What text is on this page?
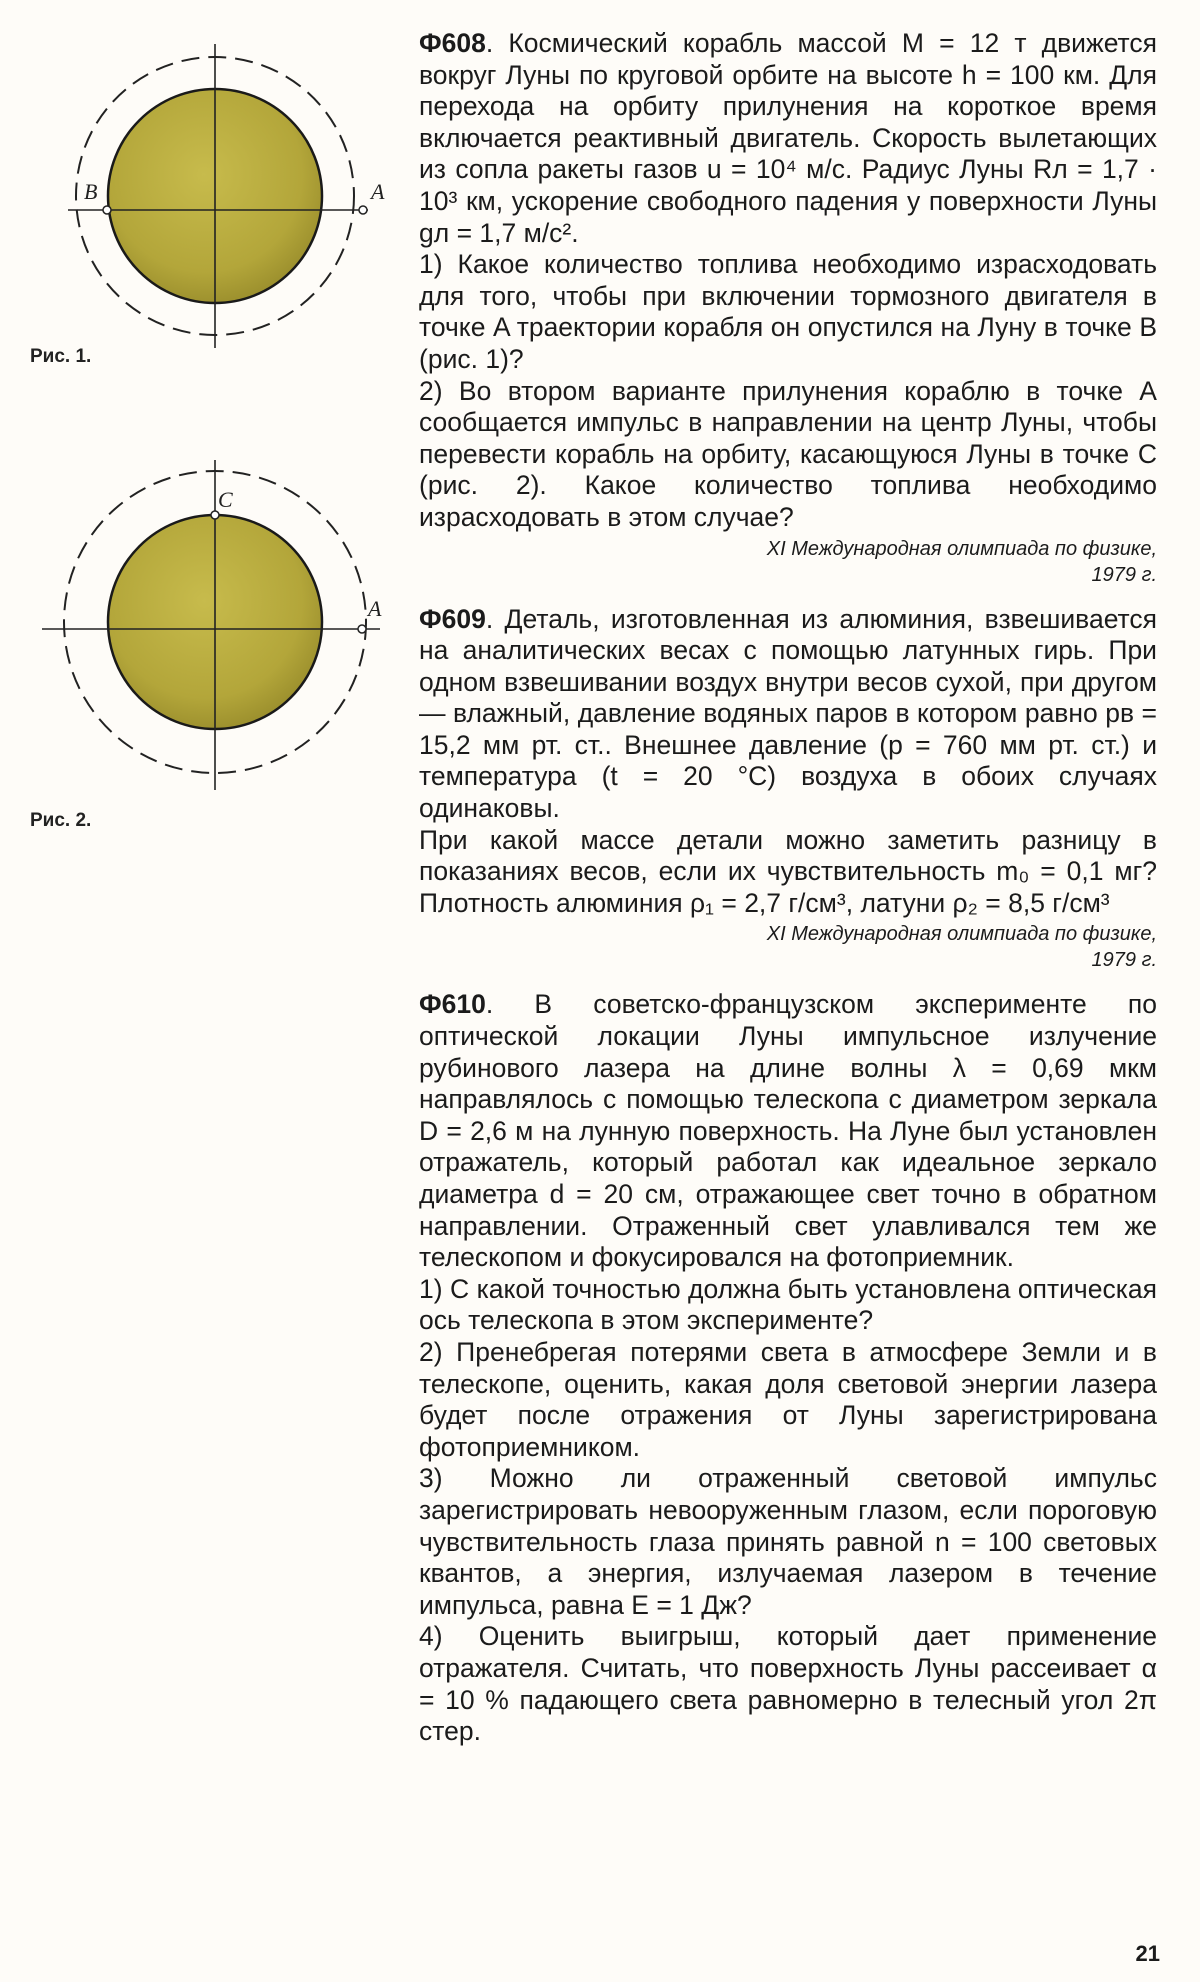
B	A
Рис. 1.
C
A
Рис. 2.

Ф608. Космический корабль массой M = 12 т движется вокруг Луны по круговой орбите на высоте h = 100 км. Для перехода на орбиту прилунения на короткое время включается реактивный двигатель. Скорость вылетающих из сопла ракеты газов u = 10⁴ м/с. Радиус Луны Rл = 1,7 · 10³ км, ускорение свободного падения у поверхности Луны gл = 1,7 м/с².

1) Какое количество топлива необходимо израсходовать для того, чтобы при включении тормозного двигателя в точке A траектории корабля он опустился на Луну в точке B (рис. 1)?

2) Во втором варианте прилунения кораблю в точке A сообщается импульс в направлении на центр Луны, чтобы перевести корабль на орбиту, касающуюся Луны в точке C (рис. 2). Какое количество топлива необходимо израсходовать в этом случае?

XI Международная олимпиада по физике,
1979 г.

Ф609. Деталь, изготовленная из алюминия, взвешивается на аналитических весах с помощью латунных гирь. При одном взвешивании воздух внутри весов сухой, при другом — влажный, давление водяных паров в котором равно pв = 15,2 мм рт. ст.. Внешнее давление (p = 760 мм рт. ст.) и температура (t = 20 °С) воздуха в обоих случаях одинаковы.

При какой массе детали можно заметить разницу в показаниях весов, если их чувствительность m₀ = 0,1 мг? Плотность алюминия ρ₁ = 2,7 г/см³, латуни ρ₂ = 8,5 г/см³

XI Международная олимпиада по физике,
1979 г.

Ф610. В советско-французском эксперименте по оптической локации Луны импульсное излучение рубинового лазера на длине волны λ = 0,69 мкм направлялось с помощью телескопа с диаметром зеркала D = 2,6 м на лунную поверхность. На Луне был установлен отражатель, который работал как идеальное зеркало диаметра d = 20 см, отражающее свет точно в обратном направлении. Отраженный свет улавливался тем же телескопом и фокусировался на фотоприемник.

1) С какой точностью должна быть установлена оптическая ось телескопа в этом эксперименте?

2) Пренебрегая потерями света в атмосфере Земли и в телескопе, оценить, какая доля световой энергии лазера будет после отражения от Луны зарегистрирована фотоприемником.

3) Можно ли отраженный световой импульс зарегистрировать невооруженным глазом, если пороговую чувствительность глаза принять равной n = 100 световых квантов, а энергия, излучаемая лазером в течение импульса, равна E = 1 Дж?

4) Оценить выигрыш, который дает применение отражателя. Считать, что поверхность Луны рассеивает α = 10 % падающего света равномерно в телесный угол 2π стер.

21
